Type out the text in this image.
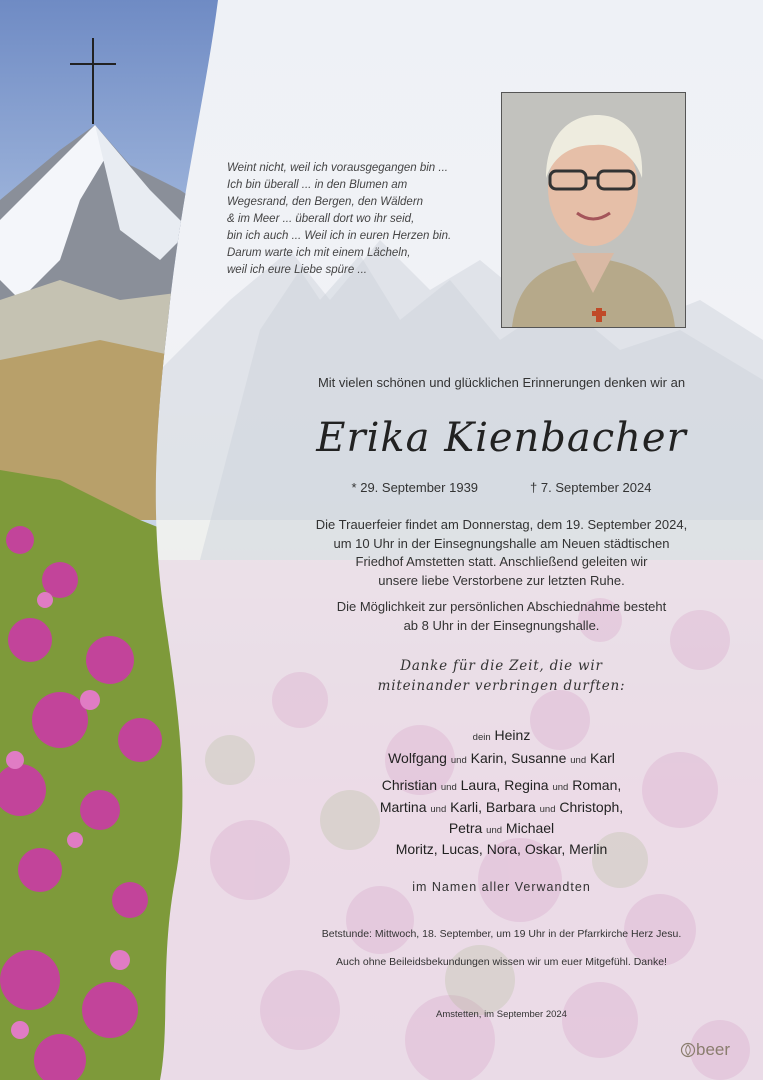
Weint nicht, weil ich vorausgegangen bin ...
Ich bin überall ... in den Blumen am
Wegesrand, den Bergen, den Wäldern
& im Meer ... überall dort wo ihr seid,
bin ich auch ... Weil ich in euren Herzen bin.
Darum warte ich mit einem Lächeln,
weil ich eure Liebe spüre ...
Mit vielen schönen und glücklichen Erinnerungen denken wir an
Erika Kienbacher
* 29. September 1939	† 7. September 2024

Die Trauerfeier findet am Donnerstag, dem 19. September 2024,
um 10 Uhr in der Einsegnungshalle am Neuen städtischen
Friedhof Amstetten statt. Anschließend geleiten wir
unsere liebe Verstorbene zur letzten Ruhe.

Die Möglichkeit zur persönlichen Abschiednahme besteht
ab 8 Uhr in der Einsegnungshalle.

Danke für die Zeit, die wir
miteinander verbringen durften:
dein Heinz
Wolfgang und Karin, Susanne und Karl
Christian und Laura, Regina und Roman,
Martina und Karli, Barbara und Christoph,
Petra und Michael
Moritz, Lucas, Nora, Oskar, Merlin
im Namen aller Verwandten
Betstunde: Mittwoch, 18. September, um 19 Uhr in der Pfarrkirche Herz Jesu.
Auch ohne Beileidsbekundungen wissen wir um euer Mitgefühl. Danke!
Amstetten, im September 2024
beer
